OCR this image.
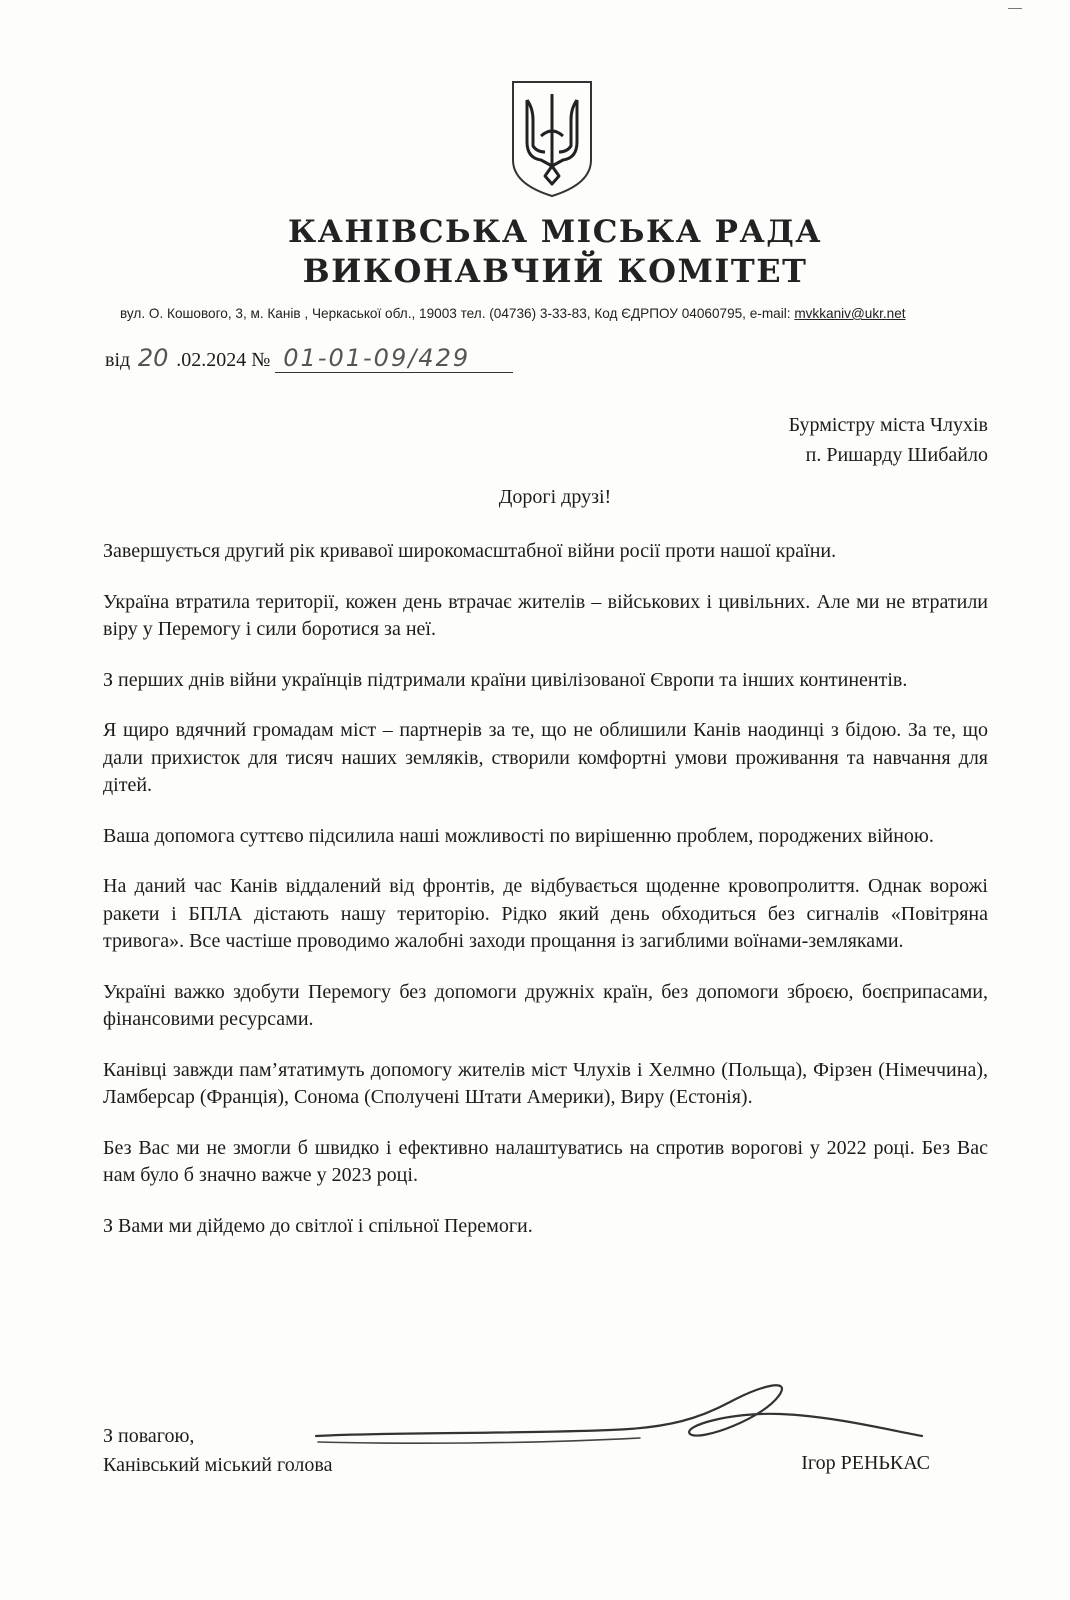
КАНІВСЬКА МІСЬКА РАДА
ВИКОНАВЧИЙ КОМІТЕТ
вул. О. Кошового, 3, м. Канів , Черкаської обл., 19003 тел. (04736) 3-33-83, Код ЄДРПОУ 04060795, e-mail: mvkkaniv@ukr.net
від 20 .02.2024 № 01-01-09/429
Бурмістру міста Члухів
п. Ришарду Шибайло
Дорогі друзі!

Завершується другий рік кривавої широкомасштабної війни росії проти нашої країни.

Україна втратила території, кожен день втрачає жителів – військових і цивільних. Але ми не втратили віру у Перемогу і сили боротися за неї.

З перших днів війни українців підтримали країни цивілізованої Європи та інших континентів.

Я щиро вдячний громадам міст – партнерів за те, що не облишили Канів наодинці з бідою. За те, що дали прихисток для тисяч наших земляків, створили комфортні умови проживання та навчання для дітей.

Ваша допомога суттєво підсилила наші можливості по вирішенню проблем, породжених війною.

На даний час Канів віддалений від фронтів, де відбувається щоденне кровопролиття. Однак ворожі ракети і БПЛА дістають нашу територію. Рідко який день обходиться без сигналів «Повітряна тривога». Все частіше проводимо жалобні заходи прощання із загиблими воїнами-земляками.

Україні важко здобути Перемогу без допомоги дружніх країн, без допомоги зброєю, боєприпасами, фінансовими ресурсами.

Канівці завжди пам’ятатимуть допомогу жителів міст Члухів і Хелмно (Польща), Фірзен (Німеччина), Ламберсар (Франція), Сонома (Сполучені Штати Америки), Виру (Естонія).

Без Вас ми не змогли б швидко і ефективно налаштуватись на спротив ворогові у 2022 році. Без Вас нам було б значно важче у 2023 році.

З Вами ми дійдемо до світлої і спільної Перемоги.

З повагою,
Канівський міський голова	Ігор РЕНЬКАС
